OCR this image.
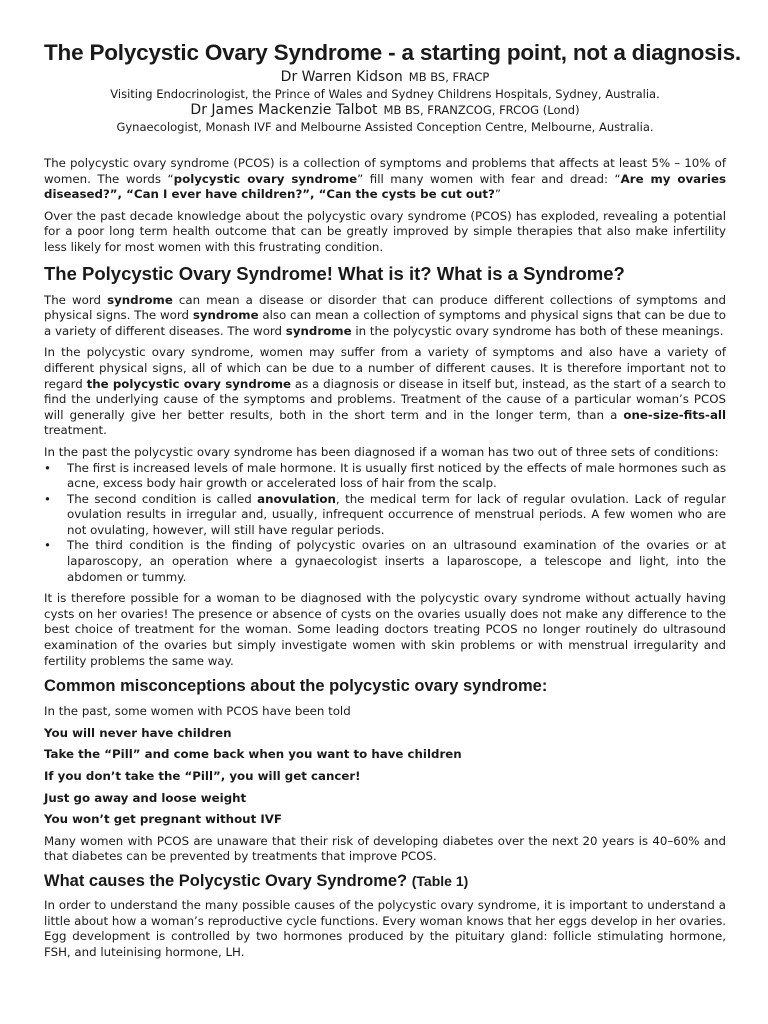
The Polycystic Ovary Syndrome - a starting point, not a diagnosis.
Dr Warren Kidson MB BS, FRACP
Visiting Endocrinologist, the Prince of Wales and Sydney Childrens Hospitals, Sydney, Australia.
Dr James Mackenzie Talbot MB BS, FRANZCOG, FRCOG (Lond)
Gynaecologist, Monash IVF and Melbourne Assisted Conception Centre, Melbourne, Australia.

The polycystic ovary syndrome (PCOS) is a collection of symptoms and problems that affects at least 5% – 10% of women. The words “polycystic ovary syndrome” fill many women with fear and dread: “Are my ovaries diseased?”, “Can I ever have children?”, “Can the cysts be cut out?”

Over the past decade knowledge about the polycystic ovary syndrome (PCOS) has exploded, revealing a potential for a poor long term health outcome that can be greatly improved by simple therapies that also make infertility less likely for most women with this frustrating condition.

The Polycystic Ovary Syndrome! What is it? What is a Syndrome?

The word syndrome can mean a disease or disorder that can produce different collections of symptoms and physical signs. The word syndrome also can mean a collection of symptoms and physical signs that can be due to a variety of different diseases. The word syndrome in the polycystic ovary syndrome has both of these meanings.

In the polycystic ovary syndrome, women may suffer from a variety of symptoms and also have a variety of different physical signs, all of which can be due to a number of different causes. It is therefore important not to regard the polycystic ovary syndrome as a diagnosis or disease in itself but, instead, as the start of a search to find the underlying cause of the symptoms and problems. Treatment of the cause of a particular woman’s PCOS will generally give her better results, both in the short term and in the longer term, than a one-size-fits-all treatment.

In the past the polycystic ovary syndrome has been diagnosed if a woman has two out of three sets of conditions:

• The first is increased levels of male hormone. It is usually first noticed by the effects of male hormones such as acne, excess body hair growth or accelerated loss of hair from the scalp.
• The second condition is called anovulation, the medical term for lack of regular ovulation. Lack of regular ovulation results in irregular and, usually, infrequent occurrence of menstrual periods. A few women who are not ovulating, however, will still have regular periods.
• The third condition is the finding of polycystic ovaries on an ultrasound examination of the ovaries or at laparoscopy, an operation where a gynaecologist inserts a laparoscope, a telescope and light, into the abdomen or tummy.

It is therefore possible for a woman to be diagnosed with the polycystic ovary syndrome without actually having cysts on her ovaries! The presence or absence of cysts on the ovaries usually does not make any difference to the best choice of treatment for the woman. Some leading doctors treating PCOS no longer routinely do ultrasound examination of the ovaries but simply investigate women with skin problems or with menstrual irregularity and fertility problems the same way.

Common misconceptions about the polycystic ovary syndrome:

In the past, some women with PCOS have been told

You will never have children

Take the “Pill” and come back when you want to have children

If you don’t take the “Pill”, you will get cancer!

Just go away and loose weight

You won’t get pregnant without IVF

Many women with PCOS are unaware that their risk of developing diabetes over the next 20 years is 40–60% and that diabetes can be prevented by treatments that improve PCOS.

What causes the Polycystic Ovary Syndrome? (Table 1)

In order to understand the many possible causes of the polycystic ovary syndrome, it is important to understand a little about how a woman’s reproductive cycle functions. Every woman knows that her eggs develop in her ovaries. Egg development is controlled by two hormones produced by the pituitary gland: follicle stimulating hormone, FSH, and luteinising hormone, LH.
